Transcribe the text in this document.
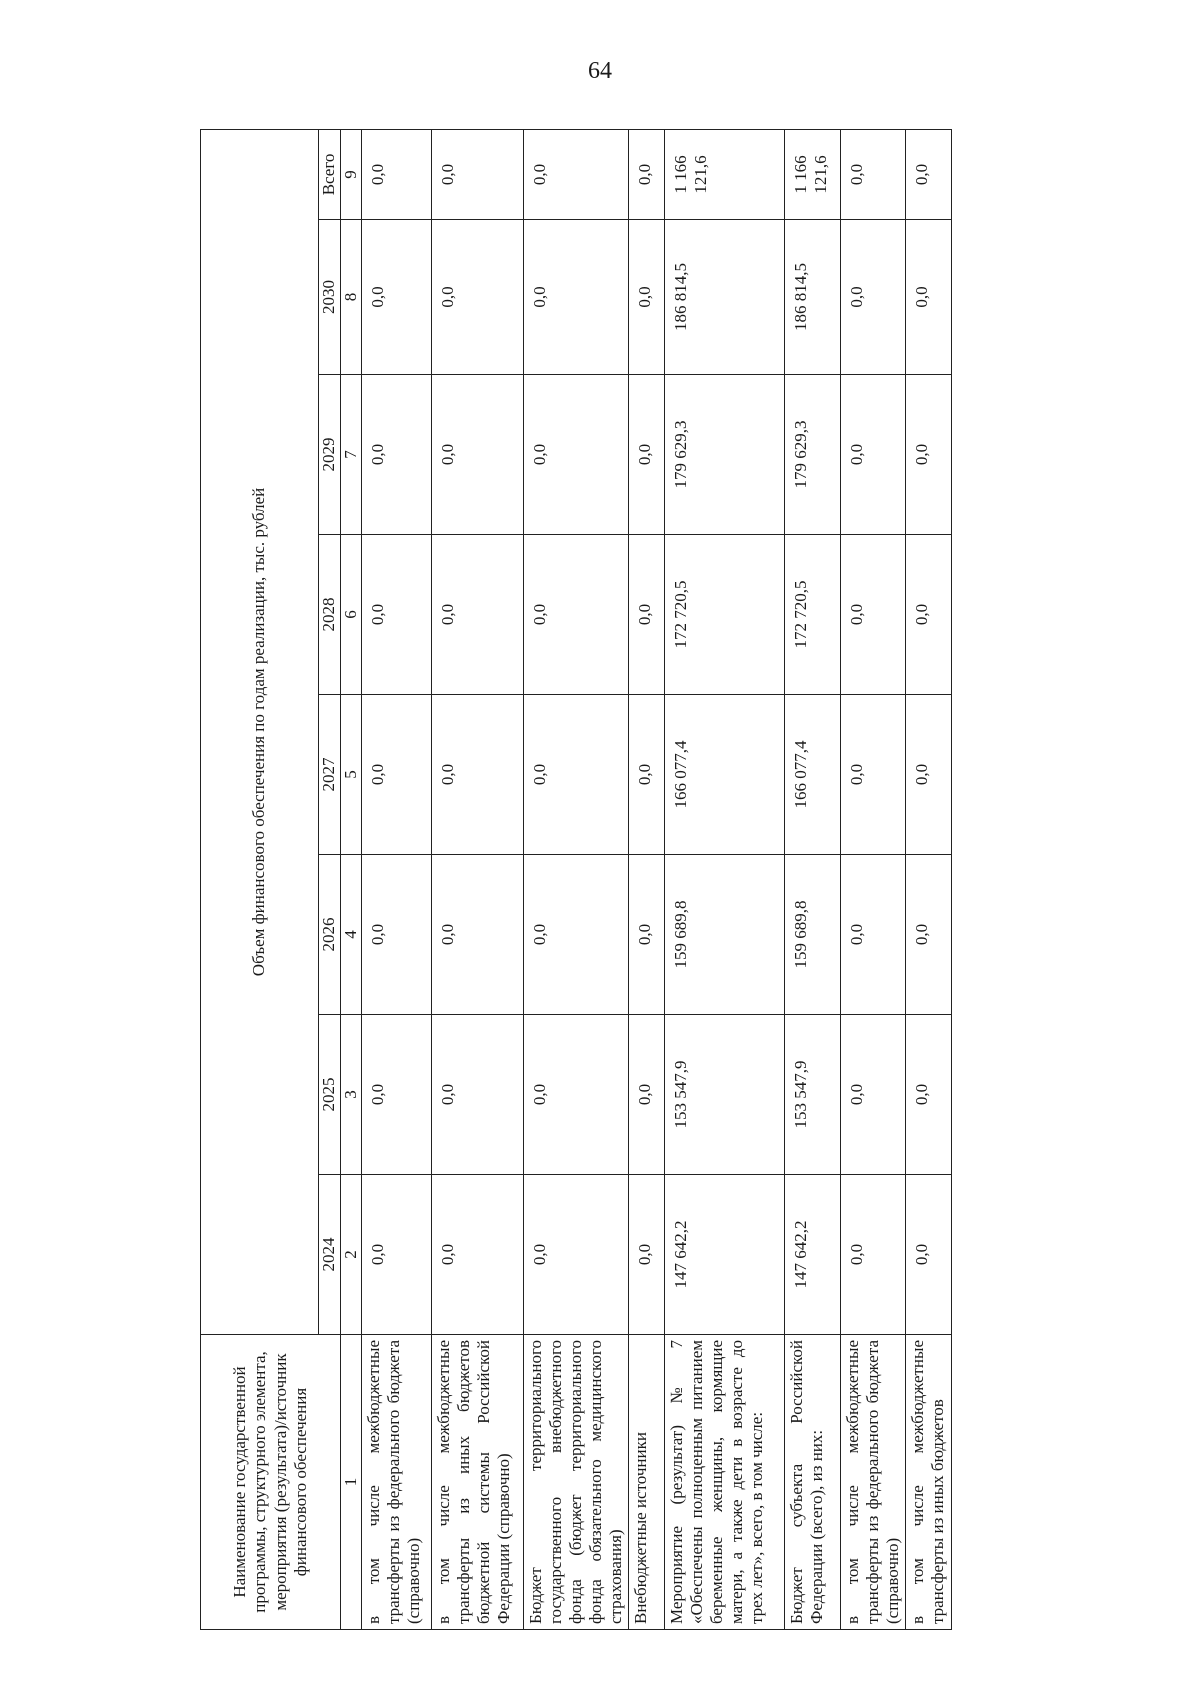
64
Наименование государственной программы, структурного элемента, мероприятия (результата)/источник финансового обеспечения	Объем финансового обеспечения по годам реализации, тыс. рублей							
	2024	2025	2026	2027	2028	2029	2030	Всего
1	2	3	4	5	6	7	8	9
в том числе межбюджетные трансферты из федерального бюджета (справочно)	0,0	0,0	0,0	0,0	0,0	0,0	0,0	0,0
в том числе межбюджетные трансферты из иных бюджетов бюджетной системы Российской Федерации (справочно)	0,0	0,0	0,0	0,0	0,0	0,0	0,0	0,0
Бюджет территориального государственного внебюджетного фонда (бюджет территориального фонда обязательного медицинского страхования)	0,0	0,0	0,0	0,0	0,0	0,0	0,0	0,0
Внебюджетные источники	0,0	0,0	0,0	0,0	0,0	0,0	0,0	0,0
Мероприятие (результат) № 7 «Обеспечены полноценным питанием беременные женщины, кормящие матери, а также дети в возрасте до трех лет», всего, в том числе:	147 642,2	153 547,9	159 689,8	166 077,4	172 720,5	179 629,3	186 814,5	1 166 121,6
Бюджет субъекта Российской Федерации (всего), из них:	147 642,2	153 547,9	159 689,8	166 077,4	172 720,5	179 629,3	186 814,5	1 166 121,6
в том числе межбюджетные трансферты из федерального бюджета (справочно)	0,0	0,0	0,0	0,0	0,0	0,0	0,0	0,0
в том числе межбюджетные трансферты из иных бюджетов	0,0	0,0	0,0	0,0	0,0	0,0	0,0	0,0
